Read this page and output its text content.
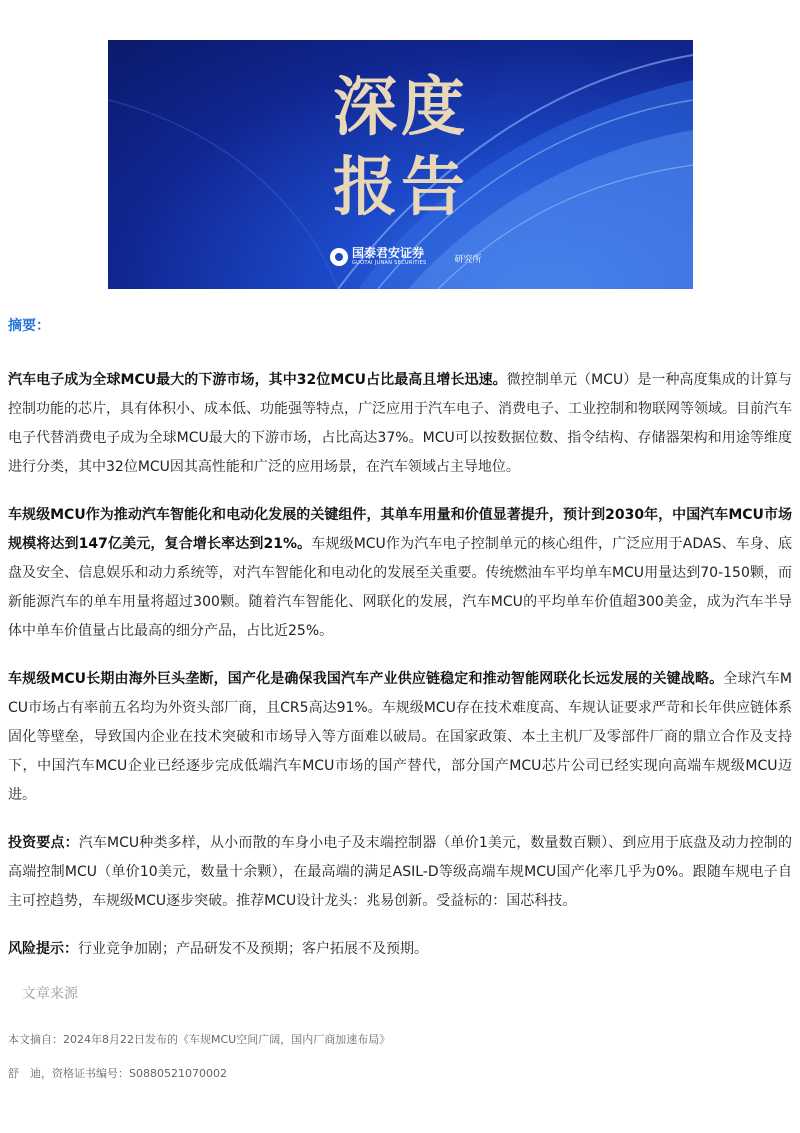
深度
报告
国泰君安证券
GUOTAI JUNAN SECURITIES	研究所
摘要：

汽车电子成为全球MCU最大的下游市场，其中32位MCU占比最高且增长迅速。微控制单元（MCU）是一种高度集成的计算与控制功能的芯片，具有体积小、成本低、功能强等特点，广泛应用于汽车电子、消费电子、工业控制和物联网等领域。目前汽车电子代替消费电子成为全球MCU最大的下游市场，占比高达37%。MCU可以按数据位数、指令结构、存储器架构和用途等维度进行分类，其中32位MCU因其高性能和广泛的应用场景，在汽车领域占主导地位。

车规级MCU作为推动汽车智能化和电动化发展的关键组件，其单车用量和价值显著提升，预计到2030年，中国汽车MCU市场规模将达到147亿美元，复合增长率达到21%。车规级MCU作为汽车电子控制单元的核心组件，广泛应用于ADAS、车身、底盘及安全、信息娱乐和动力系统等，对汽车智能化和电动化的发展至关重要。传统燃油车平均单车MCU用量达到70-150颗，而新能源汽车的单车用量将超过300颗。随着汽车智能化、网联化的发展，汽车MCU的平均单车价值超300美金，成为汽车半导体中单车价值量占比最高的细分产品，占比近25%。

车规级MCU长期由海外巨头垄断，国产化是确保我国汽车产业供应链稳定和推动智能网联化长远发展的关键战略。全球汽车MCU市场占有率前五名均为外资头部厂商，且CR5高达91%。车规级MCU存在技术难度高、车规认证要求严苛和长年供应链体系固化等壁垒，导致国内企业在技术突破和市场导入等方面难以破局。在国家政策、本土主机厂及零部件厂商的鼎立合作及支持下，中国汽车MCU企业已经逐步完成低端汽车MCU市场的国产替代，部分国产MCU芯片公司已经实现向高端车规级MCU迈进。

投资要点：汽车MCU种类多样，从小而散的车身小电子及末端控制器（单价1美元，数量数百颗）、到应用于底盘及动力控制的高端控制MCU（单价10美元，数量十余颗），在最高端的满足ASIL-D等级高端车规MCU国产化率几乎为0%。跟随车规电子自主可控趋势，车规级MCU逐步突破。推荐MCU设计龙头：兆易创新。受益标的：国芯科技。

风险提示：行业竞争加剧；产品研发不及预期；客户拓展不及预期。

文章来源
本文摘自：2024年8月22日发布的《车规MCU空间广阔，国内厂商加速布局》
舒　迪，资格证书编号：S0880521070002
